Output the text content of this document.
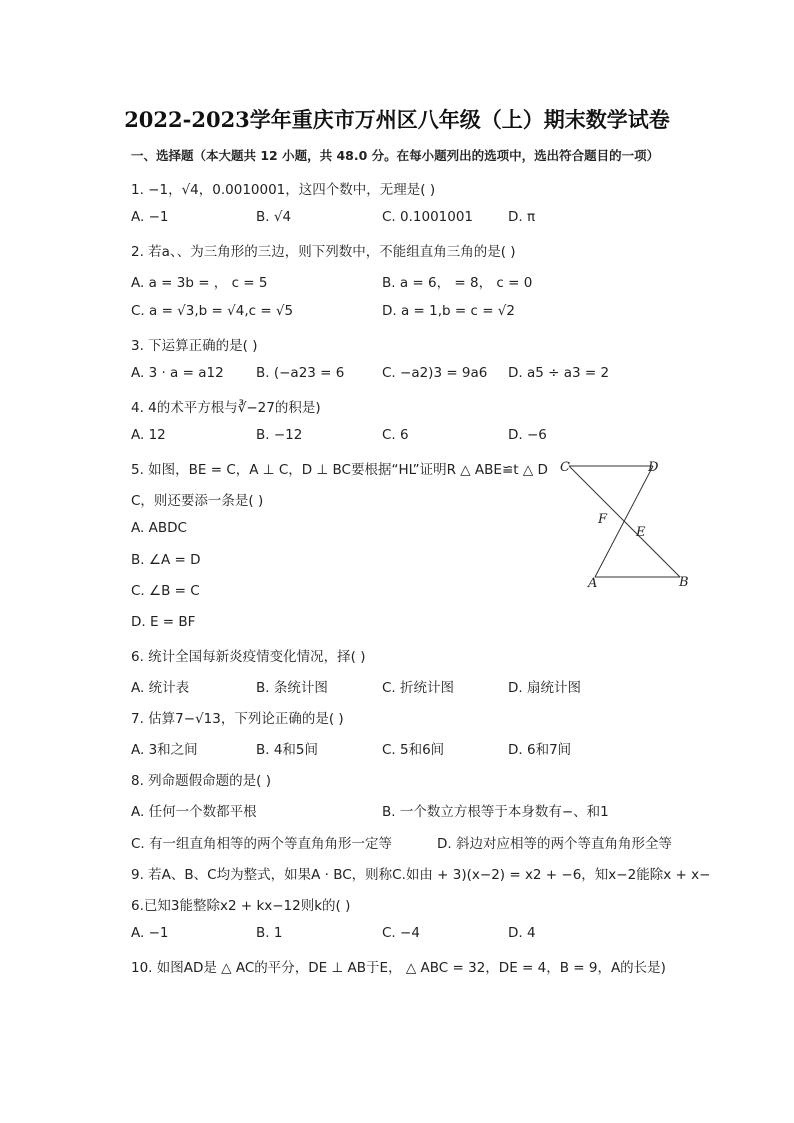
2022-2023学年重庆市万州区八年级（上）期末数学试卷
一、选择题（本大题共 12 小题，共 48.0 分。在每小题列出的选项中，选出符合题目的一项）
1. −1，√4，0.0010001，这四个数中，无理是( )
A. −1	B. √4	C. 0.1001001	D. π
2. 若a、、为三角形的三边，则下列数中，不能组直角三角的是( )
A. a = 3b = ， c = 5	B. a = 6， = 8， c = 0
C. a = √3,b = √4,c = √5	D. a = 1,b = c = √2
3. 下运算正确的是( )
A. 3 · a = a12 B. (−a23 = 6	C. −a2)3 = 9a6 D. a5 ÷ a3 = 2
4. 4的术平方根与∛−27的积是)
A. 12	B. −12	C. 6	D. −6
5. 如图，BE = C，A ⊥ C，D ⊥ BC要根据“HL”证明R △ ABE≌t △ D
C，则还要添一条是( )
A. ABDC
B. ∠A = D
C. ∠B = C
D. E = BF
C	D
F
E
A	B
6. 统计全国每新炎疫情变化情况，择( )
A. 统计表	B. 条统计图	C. 折统计图	D. 扇统计图
7. 估算7−√13，下列论正确的是( )
A. 3和之间	B. 4和5间	C. 5和6间	D. 6和7间
8. 列命题假命题的是( )
A. 任何一个数都平根	B. 一个数立方根等于本身数有−、和1
C. 有一组直角相等的两个等直角角形一定等	D. 斜边对应相等的两个等直角角形全等
9. 若A、B、C均为整式，如果A · BC，则称C.如由 + 3)(x−2) = x2 + −6，知x−2能除x + x−
6.已知3能整除x2 + kx−12则k的( )
A. −1	B. 1	C. −4	D. 4
10. 如图AD是 △ AC的平分，DE ⊥ AB于E， △ ABC = 32，DE = 4，B = 9，A的长是)
